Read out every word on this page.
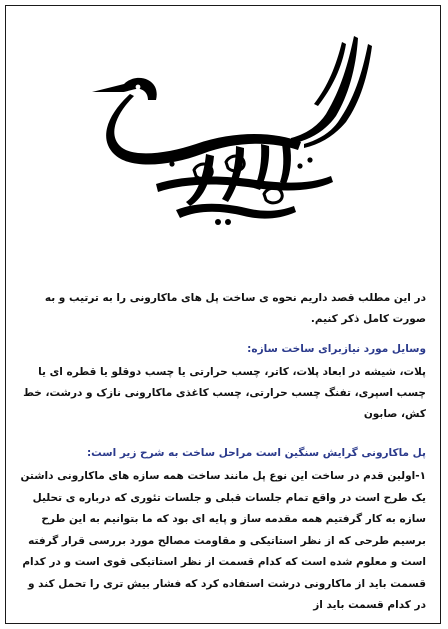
در این مطلب قصد داریم نحوه ی ساخت پل های ماکارونی را به ترتیب و به صورت کامل ذکر کنیم.

وسایل مورد نیازبرای ساخت سازه:

پلات، شیشه در ابعاد پلات، کاتر، چسب حرارتی یا چسب دوقلو یا قطره ای یا چسب اسپری، تفنگ چسب حرارتی، چسب کاغذی ماکارونی نازک و درشت، خط کش، صابون

پل ماکارونی گرایش سنگین است مراحل ساخت به شرح زیر است:

۱-اولین قدم در ساخت این نوع پل مانند ساخت همه سازه های ماکارونی داشتن یک طرح است در واقع تمام جلسات قبلی و جلسات تئوری که درباره ی تحلیل سازه به کار گرفتیم همه مقدمه ساز و پایه ای بود که ما بتوانیم به این طرح برسیم طرحی که از نظر استاتیکی و مقاومت مصالح مورد بررسی قرار گرفته است و معلوم شده است که کدام قسمت از نظر استاتیکی قوی است و در کدام قسمت باید از ماکارونی درشت استفاده کرد که فشار بیش تری را تحمل کند و در کدام قسمت باید از
